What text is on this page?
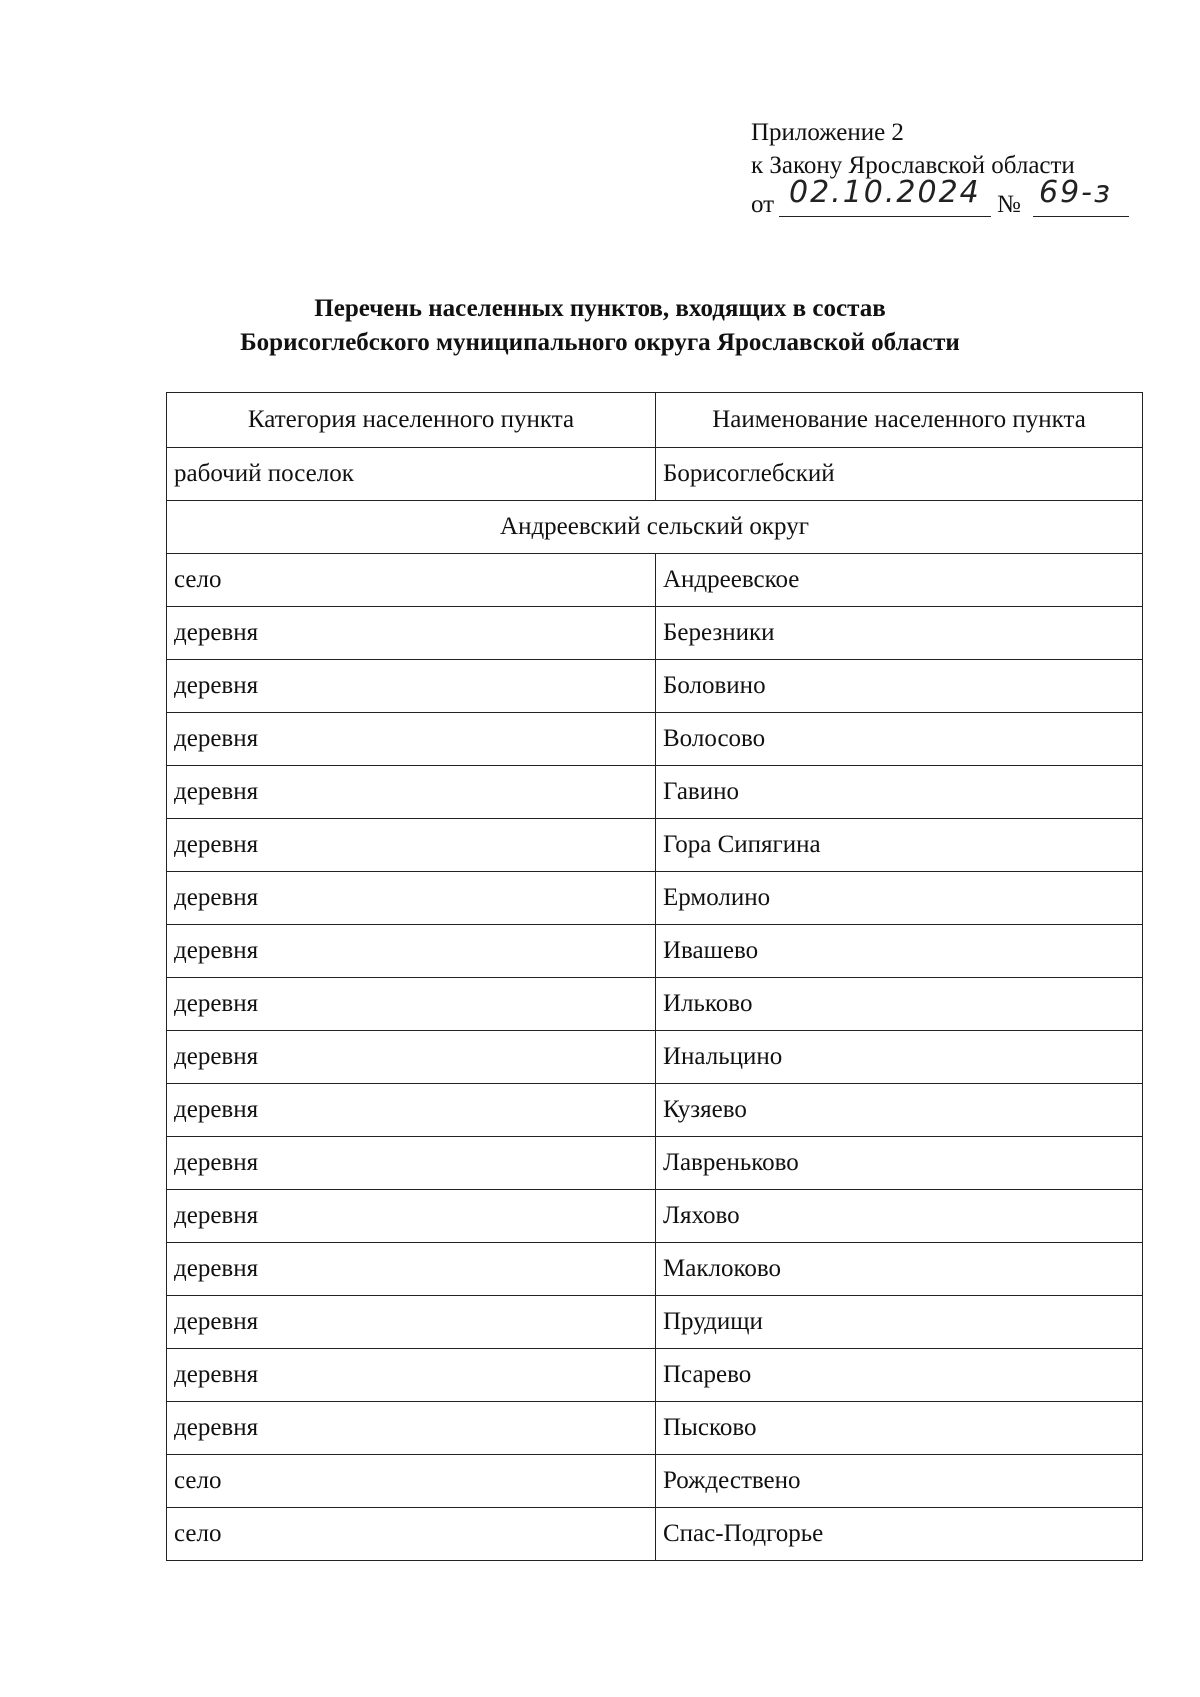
Приложение 2
к Закону Ярославской области
от 02.10.2024 № 69-з
Перечень населенных пунктов, входящих в состав
Борисоглебского муниципального округа Ярославской области
Категория населенного пункта	Наименование населенного пункта
рабочий поселок	Борисоглебский
Андреевский сельский округ	
село	Андреевское
деревня	Березники
деревня	Боловино
деревня	Волосово
деревня	Гавино
деревня	Гора Сипягина
деревня	Ермолино
деревня	Ивашево
деревня	Ильково
деревня	Инальцино
деревня	Кузяево
деревня	Лавреньково
деревня	Ляхово
деревня	Маклоково
деревня	Прудищи
деревня	Псарево
деревня	Пысково
село	Рождествено
село	Спас-Подгорье
